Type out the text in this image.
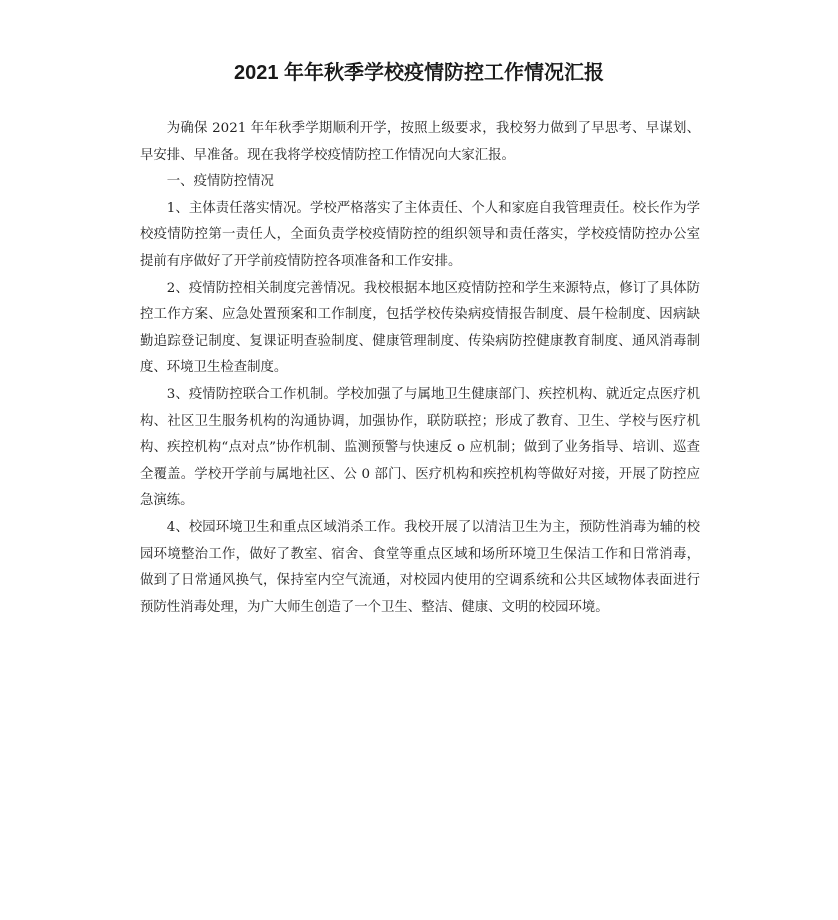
2021 年年秋季学校疫情防控工作情况汇报

为确保 2021 年年秋季学期顺利开学，按照上级要求，我校努力做到了早思考、早谋划、早安排、早准备。现在我将学校疫情防控工作情况向大家汇报。

一、疫情防控情况

1、主体责任落实情况。学校严格落实了主体责任、个人和家庭自我管理责任。校长作为学校疫情防控第一责任人，全面负责学校疫情防控的组织领导和责任落实，学校疫情防控办公室提前有序做好了开学前疫情防控各项准备和工作安排。

2、疫情防控相关制度完善情况。我校根据本地区疫情防控和学生来源特点，修订了具体防控工作方案、应急处置预案和工作制度，包括学校传染病疫情报告制度、晨午检制度、因病缺勤追踪登记制度、复课证明查验制度、健康管理制度、传染病防控健康教育制度、通风消毒制度、环境卫生检查制度。

3、疫情防控联合工作机制。学校加强了与属地卫生健康部门、疾控机构、就近定点医疗机构、社区卫生服务机构的沟通协调，加强协作，联防联控；形成了教育、卫生、学校与医疗机构、疾控机构“点对点”协作机制、监测预警与快速反 o 应机制；做到了业务指导、培训、巡查全覆盖。学校开学前与属地社区、公 0 部门、医疗机构和疾控机构等做好对接，开展了防控应急演练。

4、校园环境卫生和重点区域消杀工作。我校开展了以清洁卫生为主，预防性消毒为辅的校园环境整治工作，做好了教室、宿舍、食堂等重点区域和场所环境卫生保洁工作和日常消毒，做到了日常通风换气，保持室内空气流通，对校园内使用的空调系统和公共区域物体表面进行预防性消毒处理，为广大师生创造了一个卫生、整洁、健康、文明的校园环境。
